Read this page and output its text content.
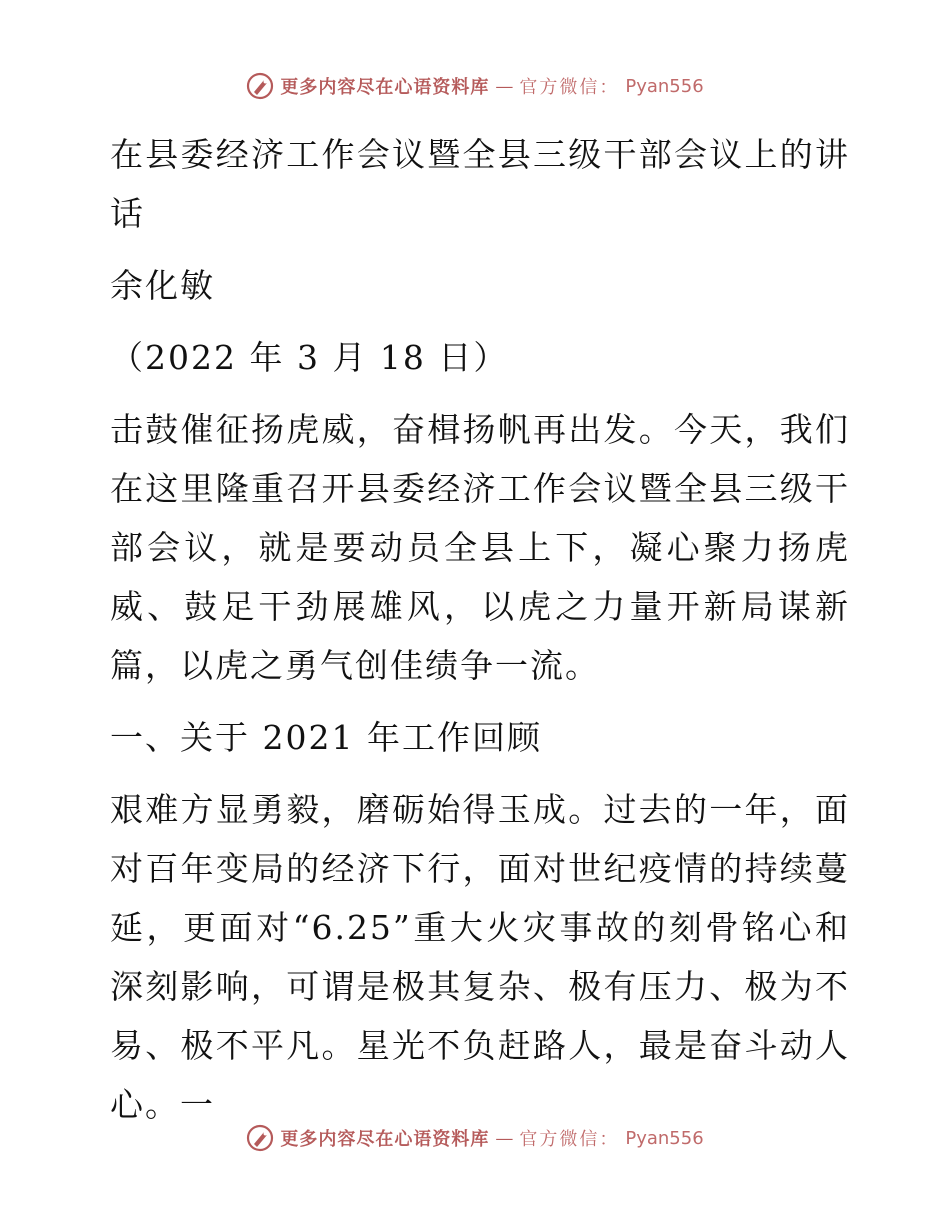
更多内容尽在心语资料库 — 官方微信： Pyan556

在县委经济工作会议暨全县三级干部会议上的讲话

余化敏

（2022 年 3 月 18 日）

击鼓催征扬虎威，奋楫扬帆再出发。今天，我们在这里隆重召开县委经济工作会议暨全县三级干部会议，就是要动员全县上下，凝心聚力扬虎威、鼓足干劲展雄风，以虎之力量开新局谋新篇，以虎之勇气创佳绩争一流。

一、关于 2021 年工作回顾

艰难方显勇毅，磨砺始得玉成。过去的一年，面对百年变局的经济下行，面对世纪疫情的持续蔓延，更面对“6.25”重大火灾事故的刻骨铭心和深刻影响，可谓是极其复杂、极有压力、极为不易、极不平凡。星光不负赶路人，最是奋斗动人心。一

更多内容尽在心语资料库 — 官方微信： Pyan556
